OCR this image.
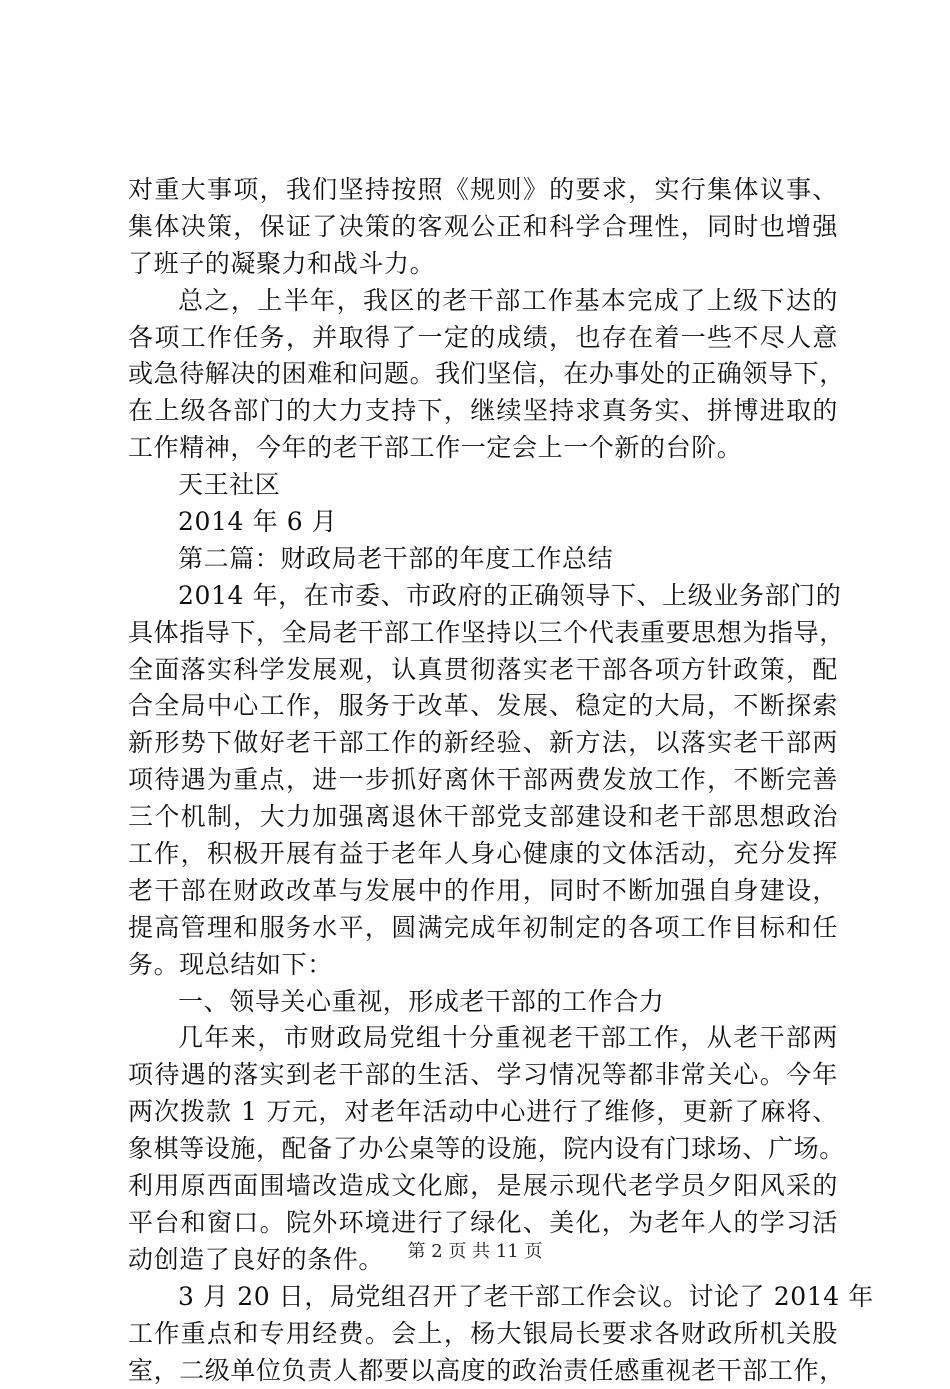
对重大事项，我们坚持按照《规则》的要求，实行集体议事、
集体决策，保证了决策的客观公正和科学合理性，同时也增强
了班子的凝聚力和战斗力。
总之，上半年，我区的老干部工作基本完成了上级下达的
各项工作任务，并取得了一定的成绩，也存在着一些不尽人意
或急待解决的困难和问题。我们坚信，在办事处的正确领导下，
在上级各部门的大力支持下，继续坚持求真务实、拼博进取的
工作精神，今年的老干部工作一定会上一个新的台阶。
天王社区
2014 年 6 月
第二篇：财政局老干部的年度工作总结
2014 年，在市委、市政府的正确领导下、上级业务部门的
具体指导下，全局老干部工作坚持以三个代表重要思想为指导，
全面落实科学发展观，认真贯彻落实老干部各项方针政策，配
合全局中心工作，服务于改革、发展、稳定的大局，不断探索
新形势下做好老干部工作的新经验、新方法，以落实老干部两
项待遇为重点，进一步抓好离休干部两费发放工作，不断完善
三个机制，大力加强离退休干部党支部建设和老干部思想政治
工作，积极开展有益于老年人身心健康的文体活动，充分发挥
老干部在财政改革与发展中的作用，同时不断加强自身建设，
提高管理和服务水平，圆满完成年初制定的各项工作目标和任
务。现总结如下：
一、领导关心重视，形成老干部的工作合力
几年来，市财政局党组十分重视老干部工作，从老干部两
项待遇的落实到老干部的生活、学习情况等都非常关心。今年
两次拨款 1 万元，对老年活动中心进行了维修，更新了麻将、
象棋等设施，配备了办公桌等的设施，院内设有门球场、广场。
利用原西面围墙改造成文化廊，是展示现代老学员夕阳风采的
平台和窗口。院外环境进行了绿化、美化，为老年人的学习活
动创造了良好的条件。
3 月 20 日，局党组召开了老干部工作会议。讨论了 2014 年
工作重点和专用经费。会上，杨大银局长要求各财政所机关股
室，二级单位负责人都要以高度的政治责任感重视老干部工作，
第 2 页 共 11 页
